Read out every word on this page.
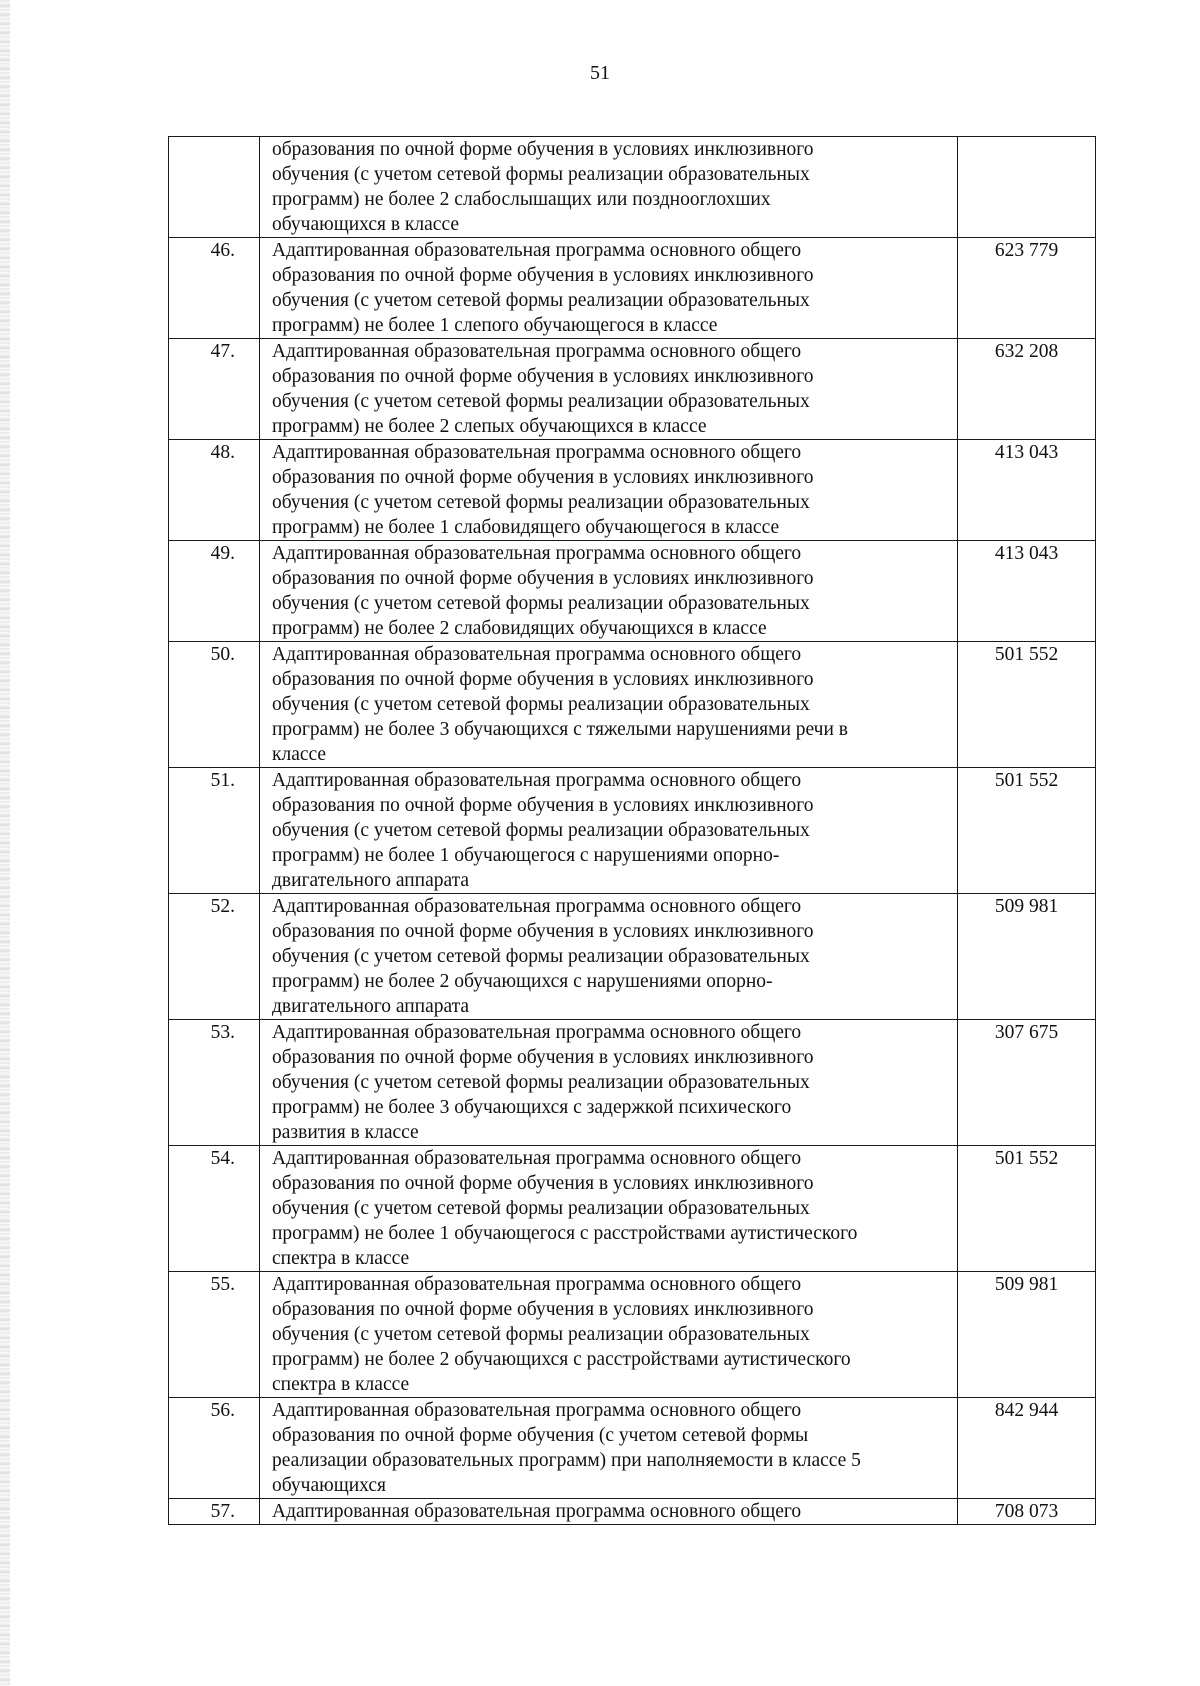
51

	образования по очной форме обучения в условиях инклюзивного
обучения (с учетом сетевой формы реализации образовательных
программ) не более 2 слабослышащих или позднооглохших
обучающихся в классе	

46.	Адаптированная образовательная программа основного общего
образования по очной форме обучения в условиях инклюзивного
обучения (с учетом сетевой формы реализации образовательных
программ) не более 1 слепого обучающегося в классе	623 779
47.	Адаптированная образовательная программа основного общего
образования по очной форме обучения в условиях инклюзивного
обучения (с учетом сетевой формы реализации образовательных
программ) не более 2 слепых обучающихся в классе	632 208
48.	Адаптированная образовательная программа основного общего
образования по очной форме обучения в условиях инклюзивного
обучения (с учетом сетевой формы реализации образовательных
программ) не более 1 слабовидящего обучающегося в классе	413 043
49.	Адаптированная образовательная программа основного общего
образования по очной форме обучения в условиях инклюзивного
обучения (с учетом сетевой формы реализации образовательных
программ) не более 2 слабовидящих обучающихся в классе	413 043
50.	Адаптированная образовательная программа основного общего
образования по очной форме обучения в условиях инклюзивного
обучения (с учетом сетевой формы реализации образовательных
программ) не более 3 обучающихся с тяжелыми нарушениями речи в
классе	501 552
51.	Адаптированная образовательная программа основного общего
образования по очной форме обучения в условиях инклюзивного
обучения (с учетом сетевой формы реализации образовательных
программ) не более 1 обучающегося с нарушениями опорно-
двигательного аппарата	501 552
52.	Адаптированная образовательная программа основного общего
образования по очной форме обучения в условиях инклюзивного
обучения (с учетом сетевой формы реализации образовательных
программ) не более 2 обучающихся с нарушениями опорно-
двигательного аппарата	509 981
53.	Адаптированная образовательная программа основного общего
образования по очной форме обучения в условиях инклюзивного
обучения (с учетом сетевой формы реализации образовательных
программ) не более 3 обучающихся с задержкой психического
развития в классе	307 675
54.	Адаптированная образовательная программа основного общего
образования по очной форме обучения в условиях инклюзивного
обучения (с учетом сетевой формы реализации образовательных
программ) не более 1 обучающегося с расстройствами аутистического
спектра в классе	501 552
55.	Адаптированная образовательная программа основного общего
образования по очной форме обучения в условиях инклюзивного
обучения (с учетом сетевой формы реализации образовательных
программ) не более 2 обучающихся с расстройствами аутистического
спектра в классе	509 981
56.	Адаптированная образовательная программа основного общего
образования по очной форме обучения (с учетом сетевой формы
реализации образовательных программ) при наполняемости в классе 5
обучающихся	842 944
57.	Адаптированная образовательная программа основного общего	708 073
